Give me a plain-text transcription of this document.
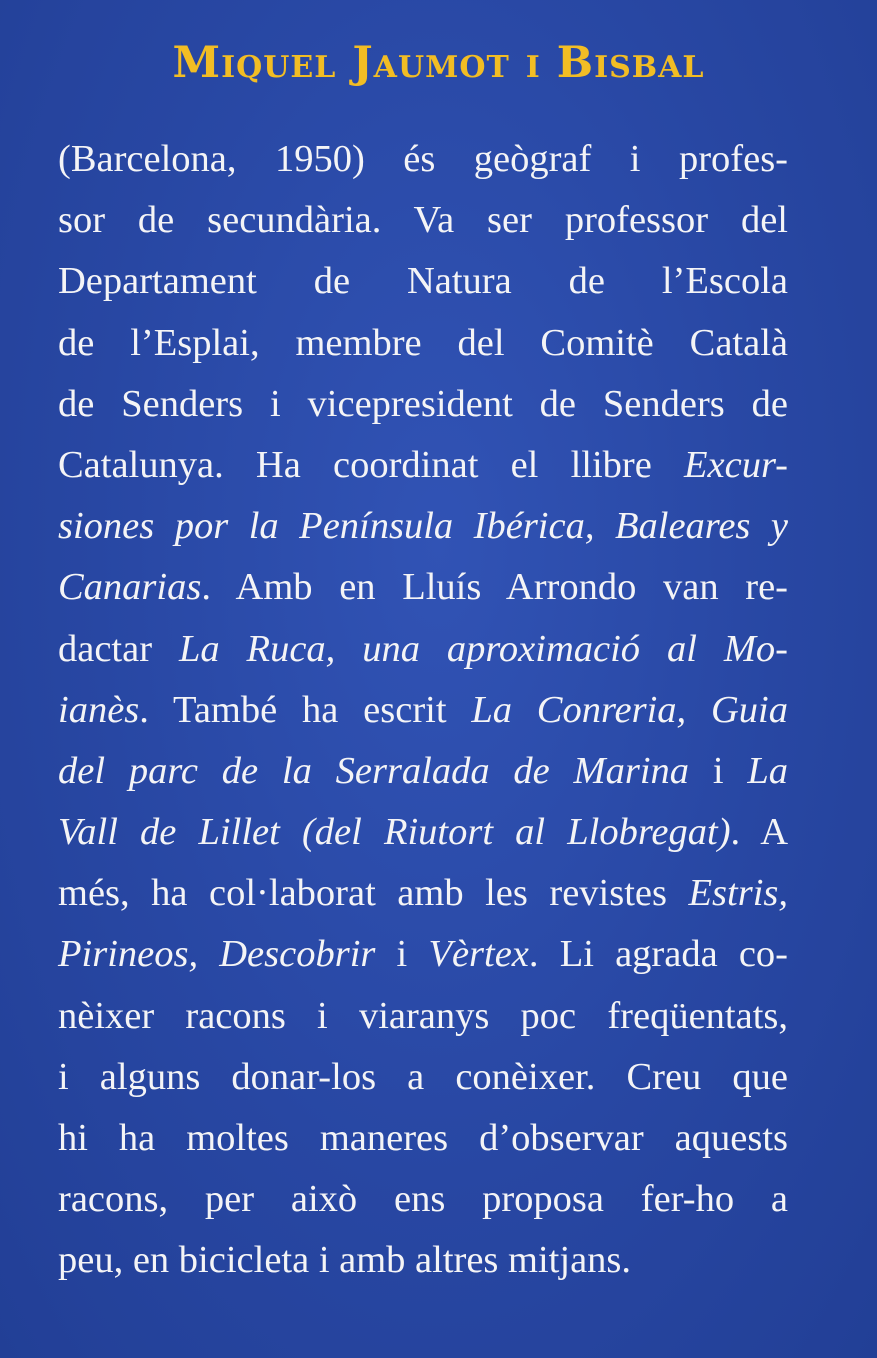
Miquel Jaumot i Bisbal
(Barcelona, 1950) és geògraf i profes-
sor de secundària. Va ser professor del
Departament de Natura de l’Escola
de l’Esplai, membre del Comitè Català
de Senders i vicepresident de Senders de
Catalunya. Ha coordinat el llibre Excur-
siones por la Península Ibérica, Baleares y
Canarias. Amb en Lluís Arrondo van re-
dactar La Ruca, una aproximació al Mo-
ianès. També ha escrit La Conreria, Guia
del parc de la Serralada de Marina i La
Vall de Lillet (del Riutort al Llobregat). A
més, ha col·laborat amb les revistes Estris,
Pirineos, Descobrir i Vèrtex. Li agrada co-
nèixer racons i viaranys poc freqüentats,
i alguns donar-los a conèixer. Creu que
hi ha moltes maneres d’observar aquests
racons, per això ens proposa fer-ho a
peu, en bicicleta i amb altres mitjans.
